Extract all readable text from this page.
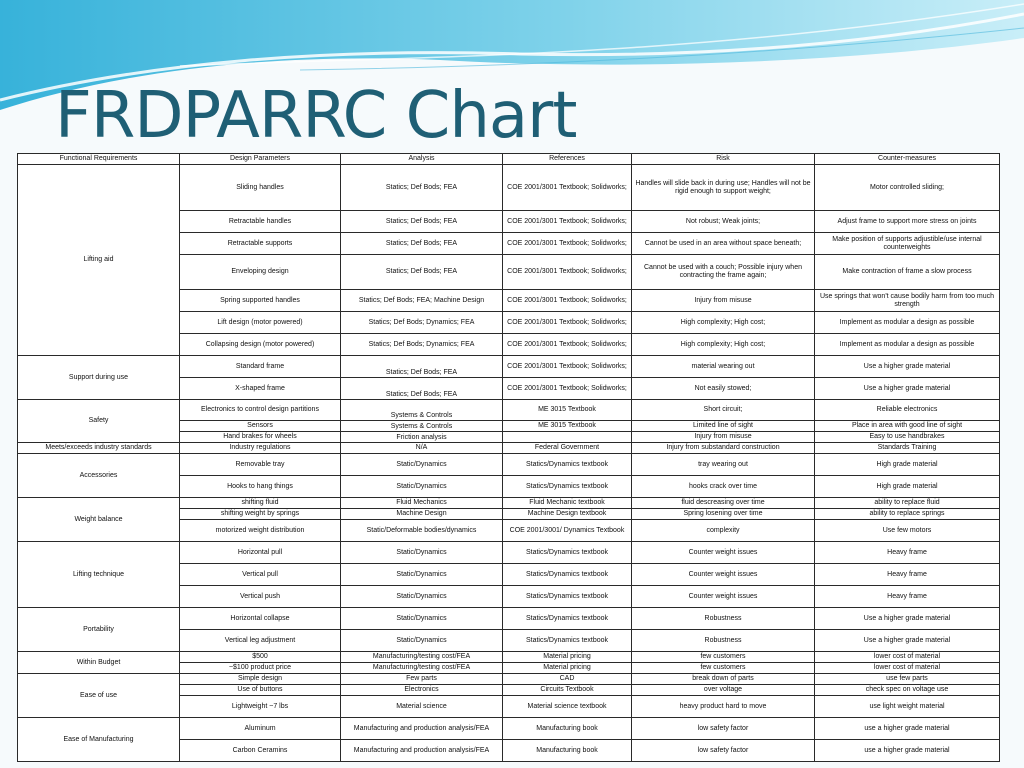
FRDPARRC Chart
Functional Requirements	Design Parameters	Analysis	References	Risk	Counter-measures
Lifting aid	Sliding handles	Statics; Def Bods; FEA	COE 2001/3001 Textbook; Solidworks;	Handles will slide back in during use; Handles will not be rigid enough to support weight;	Motor controlled sliding;
	Retractable handles	Statics; Def Bods; FEA	COE 2001/3001 Textbook; Solidworks;	Not robust; Weak joints;	Adjust frame to support more stress on joints
	Retractable supports	Statics; Def Bods; FEA	COE 2001/3001 Textbook; Solidworks;	Cannot be used in an area without space beneath;	Make position of supports adjustible/use internal counterweights
	Enveloping design	Statics; Def Bods; FEA	COE 2001/3001 Textbook; Solidworks;	Cannot be used with a couch; Possible injury when contracting the frame again;	Make contraction of frame a slow process
	Spring supported handles	Statics; Def Bods; FEA; Machine Design	COE 2001/3001 Textbook; Solidworks;	Injury from misuse	Use springs that won't cause bodily harm from too much strength
	Lift design (motor powered)	Statics; Def Bods; Dynamics; FEA	COE 2001/3001 Textbook; Solidworks;	High complexity; High cost;	Implement as modular a design as possible
	Collapsing design (motor powered)	Statics; Def Bods; Dynamics; FEA	COE 2001/3001 Textbook; Solidworks;	High complexity; High cost;	Implement as modular a design as possible
Support during use	Standard frame	Statics; Def Bods; FEA	COE 2001/3001 Textbook; Solidworks;	material wearing out	Use a higher grade material
	X-shaped frame	Statics; Def Bods; FEA	COE 2001/3001 Textbook; Solidworks;	Not easily stowed;	Use a higher grade material
Safety	Electronics to control design partitions	Systems & Controls	ME 3015 Textbook	Short circuit;	Reliable electronics
	Sensors	Systems & Controls	ME 3015 Textbook	Limited line of sight	Place in area with good line of sight
	Hand brakes for wheels	Friction analysis		Injury from misuse	Easy to use handbrakes
Meets/exceeds industry standards	Industry regulations	N/A	Federal Government	Injury from substandard construction	Standards Training
Accessories	Removable tray	Static/Dynamics	Statics/Dynamics textbook	tray wearing out	High grade material
	Hooks to hang things	Static/Dynamics	Statics/Dynamics textbook	hooks crack over time	High grade material
Weight balance	shifting fluid	Fluid Mechanics	Fluid Mechanic textbook	fluid descreasing over time	ability to replace fluid
	shifting weight by springs	Machine Design	Machine Design textbook	Spring losening over time	ability to replace springs
	motorized weight distribution	Static/Deformable bodies/dynamics	COE 2001/3001/ Dynamics Textbook	complexity	Use few motors
Lifting technique	Horizontal pull	Static/Dynamics	Statics/Dynamics textbook	Counter weight issues	Heavy frame
	Vertical pull	Static/Dynamics	Statics/Dynamics textbook	Counter weight issues	Heavy frame
	Vertical push	Static/Dynamics	Statics/Dynamics textbook	Counter weight issues	Heavy frame
Portability	Horizontal collapse	Static/Dynamics	Statics/Dynamics textbook	Robustness	Use a higher grade material
	Vertical leg adjustment	Static/Dynamics	Statics/Dynamics textbook	Robustness	Use a higher grade material
Within Budget	$500	Manufacturing/testing cost/FEA	Material pricing	few customers	lower cost of material
	~$100 product price	Manufacturing/testing cost/FEA	Material pricing	few customers	lower cost of material
Ease of use	Simple design	Few parts	CAD	break down of parts	use few parts
	Use of buttons	Electronics	Circuits Textbook	over voltage	check spec on voltage use
	Lightweight ~7 lbs	Material science	Material science textbook	heavy product hard to move	use light weight material
Ease of Manufacturing	Aluminum	Manufacturing and production analysis/FEA	Manufacturing book	low safety factor	use a higher grade material
	Carbon Ceramins	Manufacturing and production analysis/FEA	Manufacturing book	low safety factor	use a higher grade material
